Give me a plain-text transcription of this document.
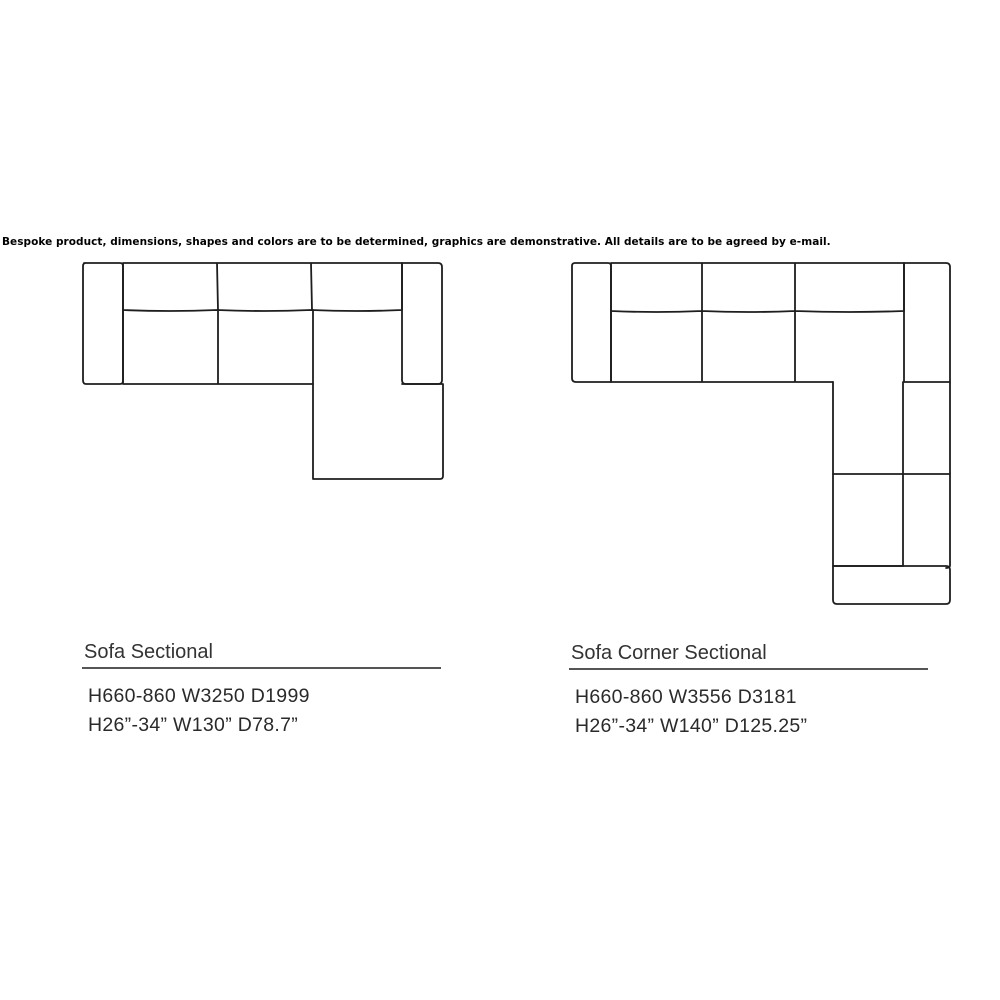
Bespoke product, dimensions, shapes and colors are to be determined, graphics are demonstrative. All details are to be agreed by e-mail.
Sofa Sectional
H660-860 W3250 D1999
H26”-34” W130” D78.7”
Sofa Corner Sectional
H660-860 W3556 D3181
H26”-34” W140” D125.25”
